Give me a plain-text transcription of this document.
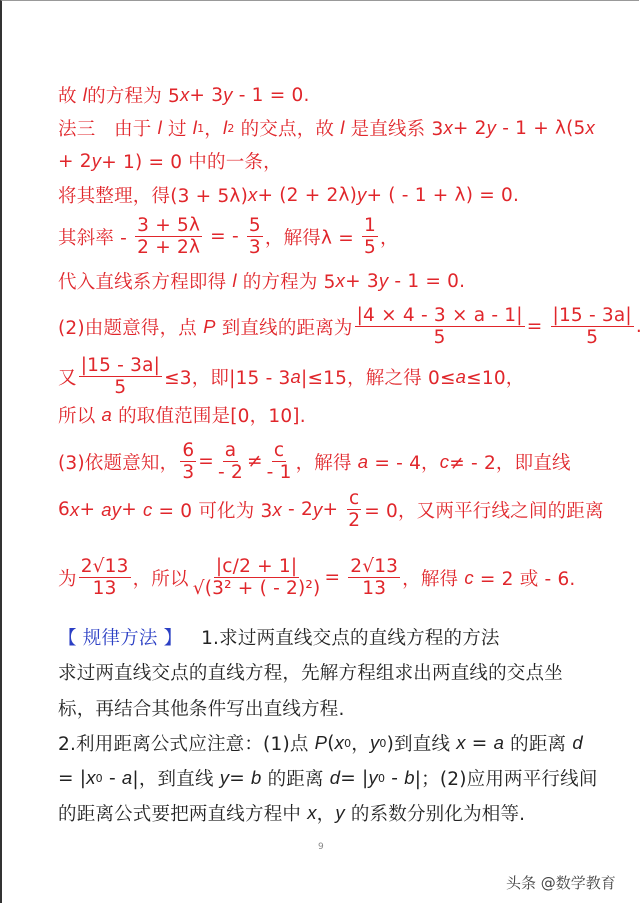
故 l 的方程为 5 x + 3 y - 1 = 0.
法三　由于 l 过 l 1 ， l 2 的交点，故 l 是直线系 3 x + 2 y - 1 + λ(5 x
+ 2 y + 1) = 0 中的一条，
将其整理，得(3 + 5λ) x + (2 + 2λ) y + ( - 1 + λ) = 0.
其斜率 - $\frac{3 + 5\lambda}{2 + 2\lambda}$ = - $\frac{5}{3}$ ，解得$\lambda = \frac{1}{5}$ ，
代入直线系方程即得 l 的方程为 5 x + 3 y - 1 = 0.
(2)由题意得，点 P 到直线的距离为 $\frac{|4 \times 4 - 3 \times a - 1|}{5} = \frac{|15 - 3a|}{5}$ .
又 $\frac{|15 - 3a|}{5} \le 3$，即|15 - 3 a |≤15，解之得 0≤ a ≤10，
所以 a 的取值范围是[0，10].
(3)依题意知， $\frac{6}{3} = \frac{a}{- 2} \ne \frac{c}{- 1}$ ，解得 a = - 4， c ≠ - 2，即直线
6 x + a y + c = 0 可化为 3 x - 2 $y + \frac{c}{2} = 0$，又两平行线之间的距离
为 $\frac{2√13}{13}$ ，所以 $\frac{|c/2 + 1|}{\text{√(3² + ( - 2)²)}} = \frac{2√13}{13}$ ，解得 c = 2 或 - 6.
【 规律方法 】 　1.求过两直线交点的直线方程的方法
求过两直线交点的直线方程，先解方程组求出两直线的交点坐
标，再结合其他条件写出直线方程.
2.利用距离公式应注意：(1)点 P ( x 0 ， y 0 )到直线 x = a 的距离 d
= | x 0 - a |，到直线 y = b 的距离 d = | y 0 - b |；(2)应用两平行线间
的距离公式要把两直线方程中 x ， y 的系数分别化为相等.
9
头条 @数学教育
